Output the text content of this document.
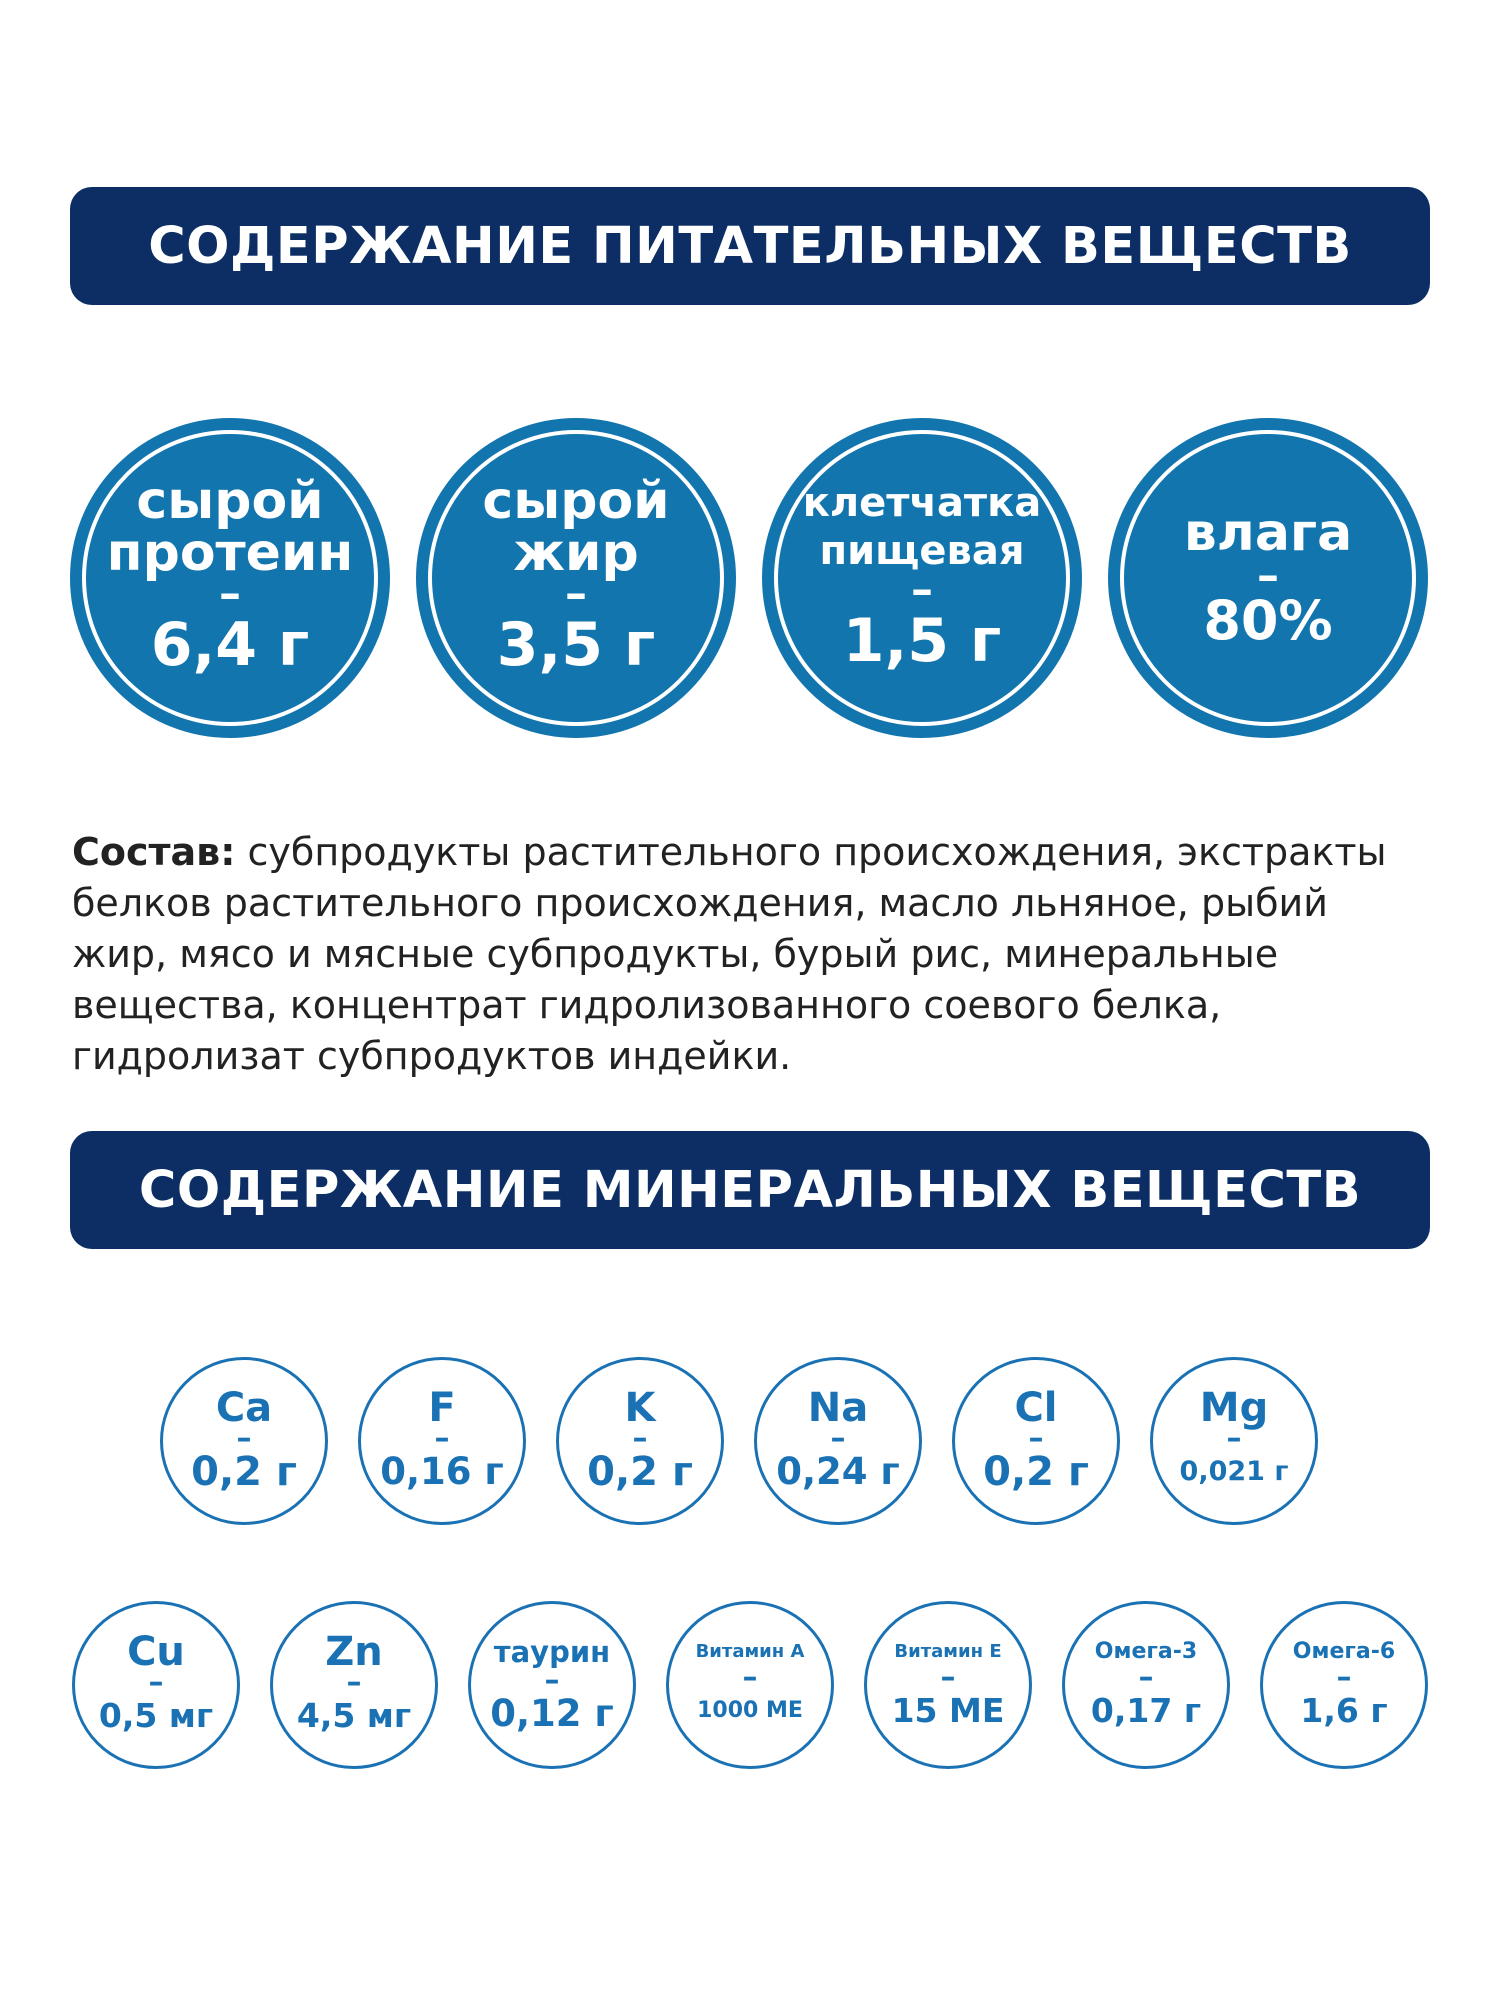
СОДЕРЖАНИЕ ПИТАТЕЛЬНЫХ ВЕЩЕСТВ
сырой
протеин
–
6,4 г
сырой
жир
–
3,5 г
клетчатка
пищевая
–
1,5 г
влага
–
80%
Состав: субпродукты растительного происхождения, экстракты белков растительного происхождения, масло льняное, рыбий жир, мясо и мясные субпродукты, бурый рис, минеральные вещества, концентрат гидролизованного соевого белка, гидролизат субпродуктов индейки.
СОДЕРЖАНИЕ МИНЕРАЛЬНЫХ ВЕЩЕСТВ
Ca
–
0,2 г
F
–
0,16 г
K
–
0,2 г
Na
–
0,24 г
Cl
–
0,2 г
Mg
–
0,021 г
Cu
–
0,5 мг
Zn
–
4,5 мг
таурин
–
0,12 г
Витамин А
–
1000 МЕ
Витамин Е
–
15 МЕ
Омега-3
–
0,17 г
Омега-6
–
1,6 г
